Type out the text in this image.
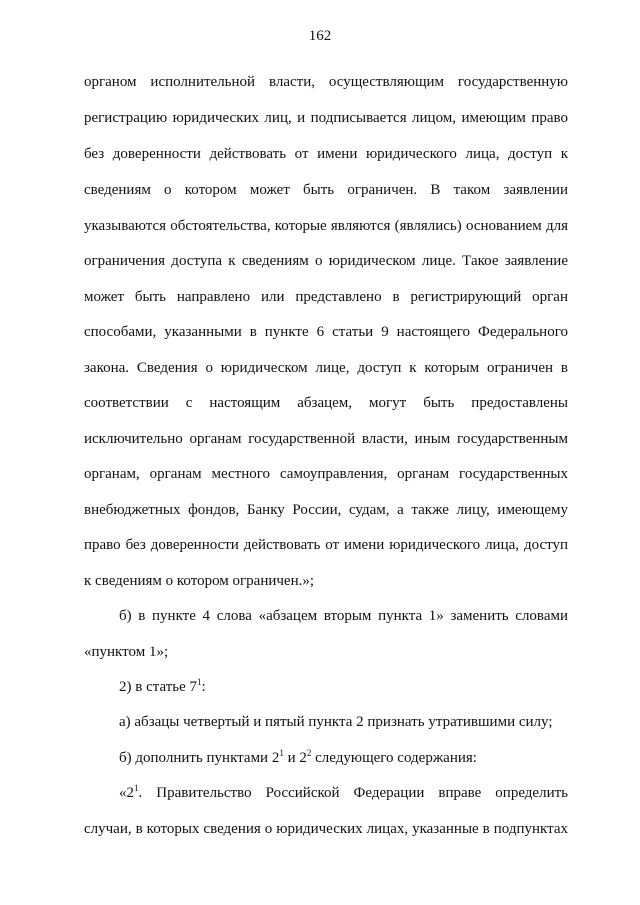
162
органом исполнительной власти, осуществляющим государственную
регистрацию юридических лиц, и подписывается лицом, имеющим право
без доверенности действовать от имени юридического лица, доступ к
сведениям о котором может быть ограничен. В таком заявлении
указываются обстоятельства, которые являются (являлись) основанием для
ограничения доступа к сведениям о юридическом лице. Такое заявление
может быть направлено или представлено в регистрирующий орган
способами, указанными в пункте 6 статьи 9 настоящего Федерального
закона. Сведения о юридическом лице, доступ к которым ограничен в
соответствии с настоящим абзацем, могут быть предоставлены
исключительно органам государственной власти, иным государственным
органам, органам местного самоуправления, органам государственных
внебюджетных фондов, Банку России, судам, а также лицу, имеющему
право без доверенности действовать от имени юридического лица, доступ
к сведениям о котором ограничен.»;
б) в пункте 4 слова «абзацем вторым пункта 1» заменить словами
«пунктом 1»;
2) в статье $7^1$:
а) абзацы четвертый и пятый пункта 2 признать утратившими силу;
б) дополнить пунктами $2^1$ и $2^2$ следующего содержания:
«$2^1$. Правительство Российской Федерации вправе определить
случаи, в которых сведения о юридических лицах, указанные в подпунктах
